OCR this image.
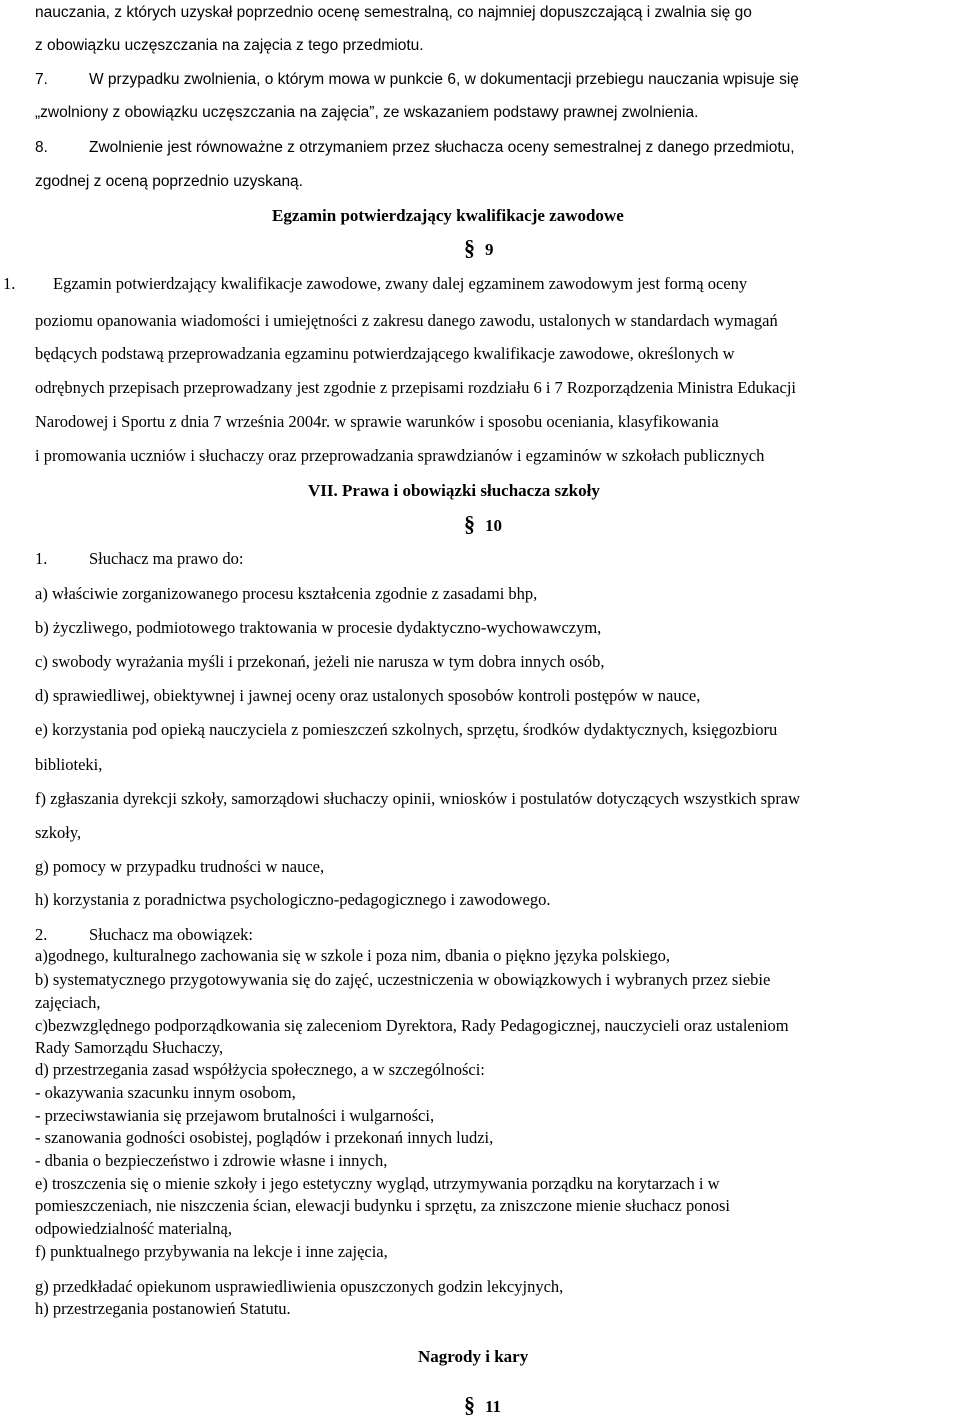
nauczania, z których uzyskał poprzednio ocenę semestralną, co najmniej dopuszczającą i zwalnia się go
z obowiązku uczęszczania na zajęcia z tego przedmiotu.
7.	W przypadku zwolnienia, o którym mowa w punkcie 6, w dokumentacji przebiegu nauczania wpisuje się
„zwolniony z obowiązku uczęszczania na zajęcia”, ze wskazaniem podstawy prawnej zwolnienia.
8.	Zwolnienie jest równoważne z otrzymaniem przez słuchacza oceny semestralnej z danego przedmiotu,
zgodnej z oceną poprzednio uzyskaną.
Egzamin potwierdzający kwalifikacje zawodowe
§ 9
1. Egzamin potwierdzający kwalifikacje zawodowe, zwany dalej egzaminem zawodowym jest formą oceny
poziomu opanowania wiadomości i umiejętności z zakresu danego zawodu, ustalonych w standardach wymagań
będących podstawą przeprowadzania egzaminu potwierdzającego kwalifikacje zawodowe, określonych w
odrębnych przepisach przeprowadzany jest zgodnie z przepisami rozdziału 6 i 7 Rozporządzenia Ministra Edukacji
Narodowej i Sportu z dnia 7 września 2004r. w sprawie warunków i sposobu oceniania, klasyfikowania
i promowania uczniów i słuchaczy oraz przeprowadzania sprawdzianów i egzaminów w szkołach publicznych
VII. Prawa i obowiązki słuchacza szkoły
§ 10
1.	Słuchacz ma prawo do:
a) właściwie zorganizowanego procesu kształcenia zgodnie z zasadami bhp,
b) życzliwego, podmiotowego traktowania w procesie dydaktyczno-wychowawczym,
c) swobody wyrażania myśli i przekonań, jeżeli nie narusza w tym dobra innych osób,
d) sprawiedliwej, obiektywnej i jawnej oceny oraz ustalonych sposobów kontroli postępów w nauce,
e) korzystania pod opieką nauczyciela z pomieszczeń szkolnych, sprzętu, środków dydaktycznych, księgozbioru
biblioteki,
f) zgłaszania dyrekcji szkoły, samorządowi słuchaczy opinii, wniosków i postulatów dotyczących wszystkich spraw
szkoły,
g) pomocy w przypadku trudności w nauce,
h) korzystania z poradnictwa psychologiczno-pedagogicznego i zawodowego.
2.	Słuchacz ma obowiązek:
a)godnego, kulturalnego zachowania się w szkole i poza nim, dbania o piękno języka polskiego,
b) systematycznego przygotowywania się do zajęć, uczestniczenia w obowiązkowych i wybranych przez siebie
zajęciach,
c)bezwzględnego podporządkowania się zaleceniom Dyrektora, Rady Pedagogicznej, nauczycieli oraz ustaleniom
Rady Samorządu Słuchaczy,
d) przestrzegania zasad współżycia społecznego, a w szczególności:
- okazywania szacunku innym osobom,
- przeciwstawiania się przejawom brutalności i wulgarności,
- szanowania godności osobistej, poglądów i przekonań innych ludzi,
- dbania o bezpieczeństwo i zdrowie własne i innych,
e) troszczenia się o mienie szkoły i jego estetyczny wygląd, utrzymywania porządku na korytarzach i w
pomieszczeniach, nie niszczenia ścian, elewacji budynku i sprzętu, za zniszczone mienie słuchacz ponosi
odpowiedzialność materialną,
f) punktualnego przybywania na lekcje i inne zajęcia,
g) przedkładać opiekunom usprawiedliwienia opuszczonych godzin lekcyjnych,
h) przestrzegania postanowień Statutu.
Nagrody i kary
§ 11
